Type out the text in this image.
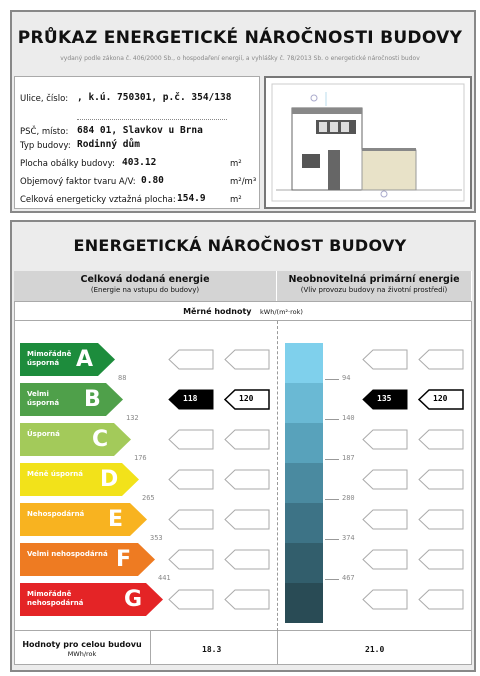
PRŮKAZ ENERGETICKÉ NÁROČNOSTI BUDOVY
vydaný podle zákona č. 406/2000 Sb., o hospodaření energií, a vyhlášky č. 78/2013 Sb. o energetické náročnosti budov
Ulice, číslo: , k.ú. 750301, p.č. 354/138
PSČ, místo: 684 01, Slavkov u Brna
Typ budovy: Rodinný dům
Plocha obálky budovy: 403.12	m²
Objemový faktor tvaru A/V: 0.80	m²/m³
Celková energeticky vztažná plocha: 154.9	m²
ENERGETICKÁ NÁROČNOST BUDOVY
Celková dodaná energie
(Energie na vstupu do budovy)
Neobnovitelná primární energie
(Vliv provozu budovy na životní prostředí)
Měrné hodnoty kWh/(m²·rok)
Mimořádně úsporná A
Velmi úsporná	B
Úsporná	C
Méně úsporná D
Nehospodárná	E
Velmi nehospodárná F
Mimořádně nehospodárná	G
88
132
176
265
353
441
94
140
187
280
374
467
118	120	135	120
Hodnoty pro celou budovu
MWh/rok	18.3	21.0
